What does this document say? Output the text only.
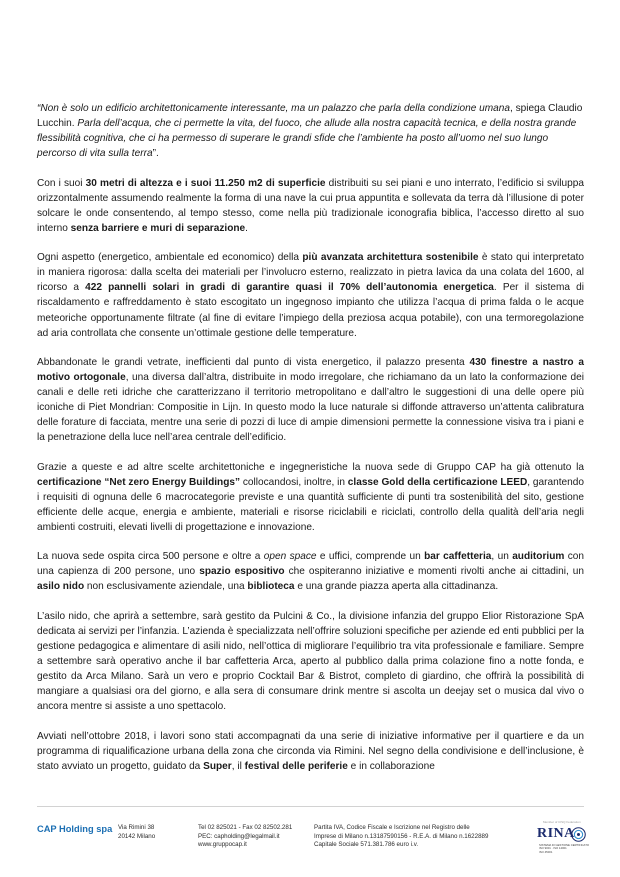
“Non è solo un edificio architettonicamente interessante, ma un palazzo che parla della condizione umana, spiega Claudio Lucchin. Parla dell’acqua, che ci permette la vita, del fuoco, che allude alla nostra capacità tecnica, e della nostra grande flessibilità cognitiva, che ci ha permesso di superare le grandi sfide che l’ambiente ha posto all’uomo nel suo lungo percorso di vita sulla terra”.

Con i suoi 30 metri di altezza e i suoi 11.250 m2 di superficie distribuiti su sei piani e uno interrato, l’edificio si sviluppa orizzontalmente assumendo realmente la forma di una nave la cui prua appuntita e sollevata da terra dà l’illusione di poter solcare le onde consentendo, al tempo stesso, come nella più tradizionale iconografia biblica, l’accesso diretto al suo interno senza barriere e muri di separazione.

Ogni aspetto (energetico, ambientale ed economico) della più avanzata architettura sostenibile è stato qui interpretato in maniera rigorosa: dalla scelta dei materiali per l’involucro esterno, realizzato in pietra lavica da una colata del 1600, al ricorso a 422 pannelli solari in gradi di garantire quasi il 70% dell’autonomia energetica. Per il sistema di riscaldamento e raffreddamento è stato escogitato un ingegnoso impianto che utilizza l’acqua di prima falda o le acque meteoriche opportunamente filtrate (al fine di evitare l’impiego della preziosa acqua potabile), con una termoregolazione ad aria controllata che consente un’ottimale gestione delle temperature.

Abbandonate le grandi vetrate, inefficienti dal punto di vista energetico, il palazzo presenta 430 finestre a nastro a motivo ortogonale, una diversa dall’altra, distribuite in modo irregolare, che richiamano da un lato la conformazione dei canali e delle reti idriche che caratterizzano il territorio metropolitano e dall’altro le suggestioni di una delle opere più iconiche di Piet Mondrian: Compositie in Lijn. In questo modo la luce naturale si diffonde attraverso un’attenta calibratura delle forature di facciata, mentre una serie di pozzi di luce di ampie dimensioni permette la connessione visiva tra i piani e la penetrazione della luce nell’area centrale dell’edificio.

Grazie a queste e ad altre scelte architettoniche e ingegneristiche la nuova sede di Gruppo CAP ha già ottenuto la certificazione “Net zero Energy Buildings” collocandosi, inoltre, in classe Gold della certificazione LEED, garantendo i requisiti di ognuna delle 6 macrocategorie previste e una quantità sufficiente di punti tra sostenibilità del sito, gestione efficiente delle acque, energia e ambiente, materiali e risorse riciclabili e riciclati, controllo della qualità dell’aria negli ambienti costruiti, elevati livelli di progettazione e innovazione.

La nuova sede ospita circa 500 persone e oltre a open space e uffici, comprende un bar caffetteria, un auditorium con una capienza di 200 persone, uno spazio espositivo che ospiteranno iniziative e momenti rivolti anche ai cittadini, un asilo nido non esclusivamente aziendale, una biblioteca e una grande piazza aperta alla cittadinanza.

L’asilo nido, che aprirà a settembre, sarà gestito da Pulcini & Co., la divisione infanzia del gruppo Elior Ristorazione SpA dedicata ai servizi per l’infanzia. L’azienda è specializzata nell’offrire soluzioni specifiche per aziende ed enti pubblici per la gestione pedagogica e alimentare di asili nido, nell’ottica di migliorare l’equilibrio tra vita professionale e familiare. Sempre a settembre sarà operativo anche il bar caffetteria Arca, aperto al pubblico dalla prima colazione fino a notte fonda, e gestito da Arca Milano. Sarà un vero e proprio Cocktail Bar & Bistrot, completo di giardino, che offrirà la possibilità di mangiare a qualsiasi ora del giorno, e alla sera di consumare drink mentre si ascolta un deejay set o musica dal vivo o ancora mentre si assiste a uno spettacolo.

Avviati nell’ottobre 2018, i lavori sono stati accompagnati da una serie di iniziative informative per il quartiere e da un programma di riqualificazione urbana della zona che circonda via Rimini. Nel segno della condivisione e dell’inclusione, è stato avviato un progetto, guidato da Super, il festival delle periferie e in collaborazione

CAP Holding spa Via Rimini 38
20142 Milano
Tel 02 825021 - Fax 02 82502.281
PEC: capholding@legalmail.it
www.gruppocap.it
Partita IVA, Codice Fiscale e Iscrizione nel Registro delle
Imprese di Milano n.13187590156 - R.E.A. di Milano n.1622889
Capitale Sociale 571.381.786 euro i.v.
Member of CISQ Federation
RINA
SISTEMA DI GESTIONE CERTIFICATO
ISO 9001 · ISO 14001
ISO 45001
